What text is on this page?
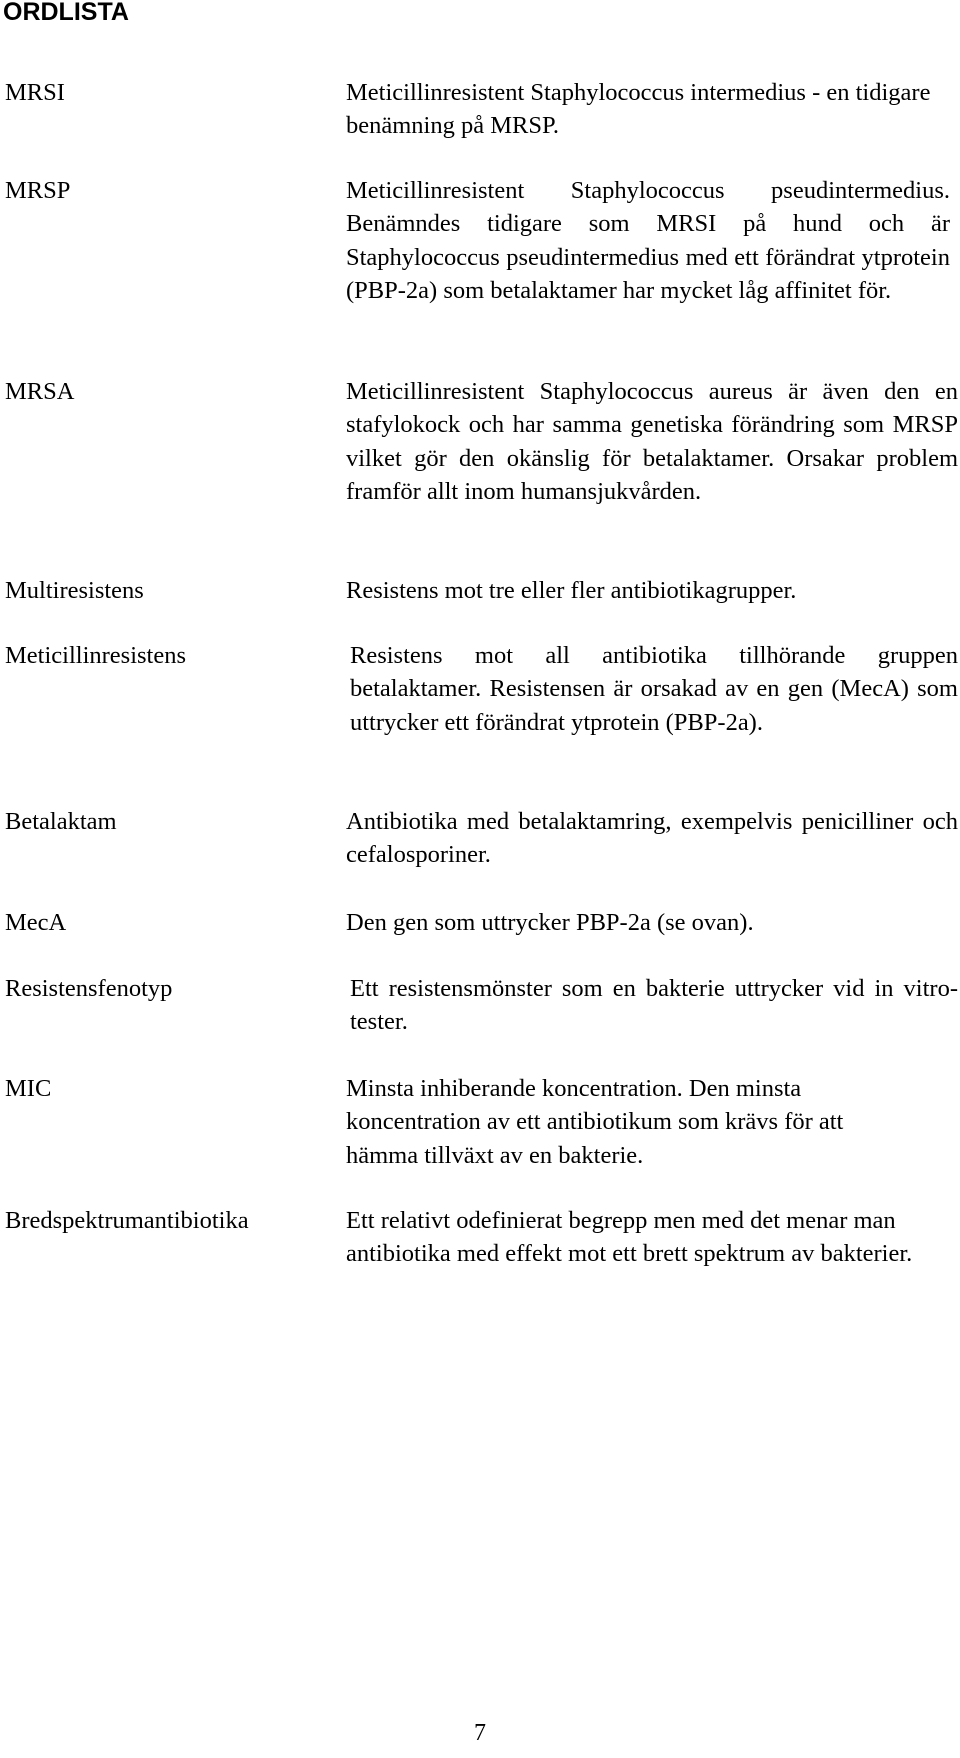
ORDLISTA
MRSI	Meticillinresistent Staphylococcus intermedius - en tidigare benämning på MRSP.

MRSP	Meticillinresistent Staphylococcus pseudintermedius. Benämndes tidigare som MRSI på hund och är Staphylococcus pseudintermedius med ett förändrat ytprotein (PBP-2a) som betalaktamer har mycket låg affinitet för.

MRSA	Meticillinresistent Staphylococcus aureus är även den en stafylokock och har samma genetiska förändring som MRSP vilket gör den okänslig för betalaktamer. Orsakar problem framför allt inom humansjukvården.

Multiresistens	Resistens mot tre eller fler antibiotikagrupper.

Meticillinresistens	Resistens mot all antibiotika tillhörande gruppen betalaktamer. Resistensen är orsakad av en gen (MecA) som uttrycker ett förändrat ytprotein (PBP-2a).

Betalaktam	Antibiotika med betalaktamring, exempelvis penicilliner och cefalosporiner.

MecA	Den gen som uttrycker PBP-2a (se ovan).

Resistensfenotyp	Ett resistensmönster som en bakterie uttrycker vid in vitro-tester.

MIC	Minsta inhiberande koncentration. Den minsta koncentration av ett antibiotikum som krävs för att hämma tillväxt av en bakterie.

Bredspektrumantibiotika	Ett relativt odefinierat begrepp men med det menar man antibiotika med effekt mot ett brett spektrum av bakterier.

7
